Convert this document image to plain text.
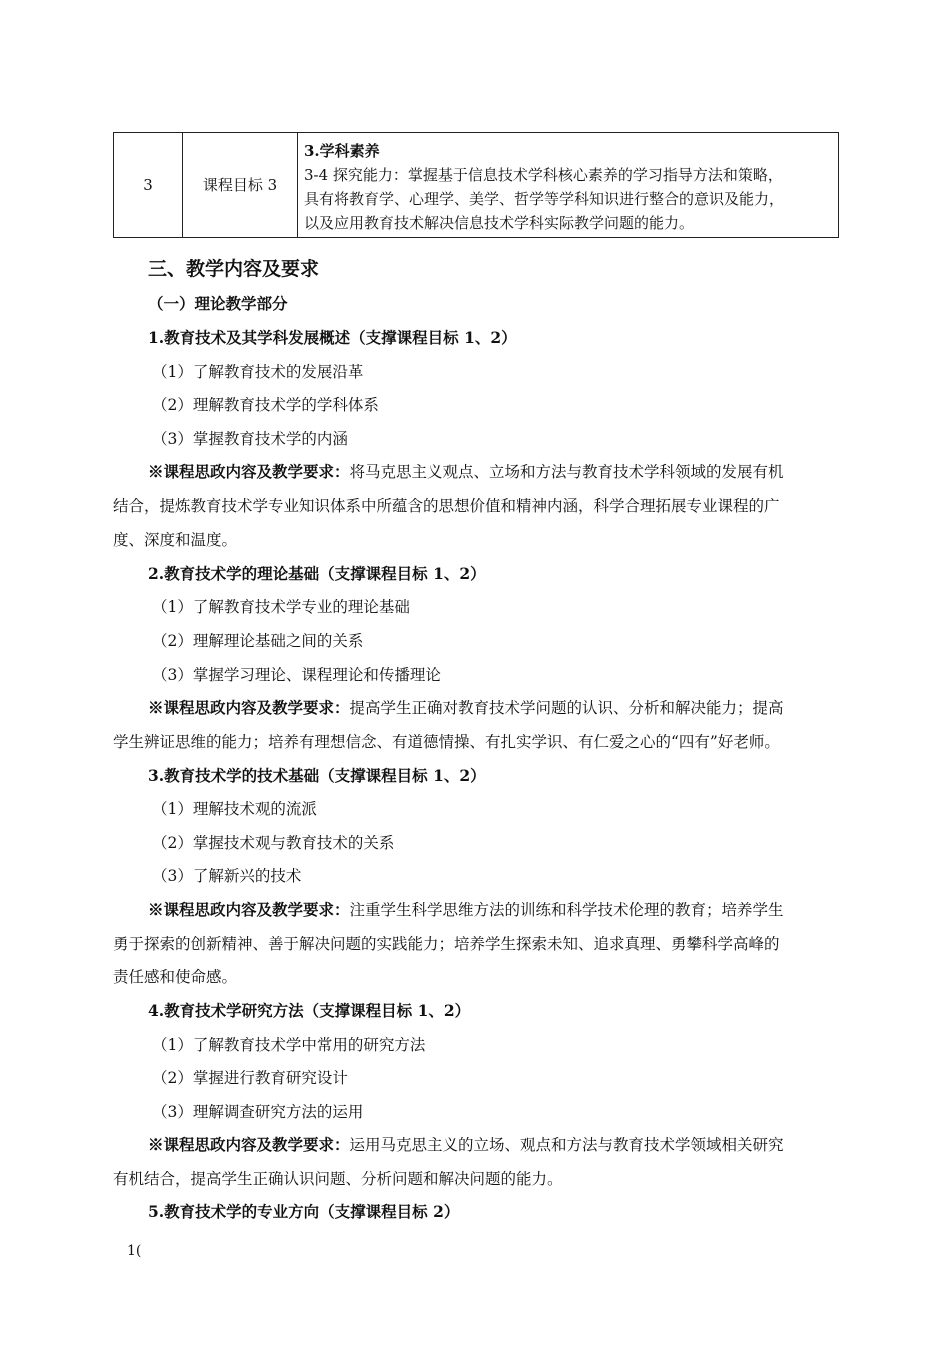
3	课程目标 3	
3.学科素养
3-4 探究能力：掌握基于信息技术学科核心素养的学习指导方法和策略，
具有将教育学、心理学、美学、哲学等学科知识进行整合的意识及能力，
以及应用教育技术解决信息技术学科实际教学问题的能力。
三、教学内容及要求
（一）理论教学部分
1.教育技术及其学科发展概述（支撑课程目标 1、2）
（1）了解教育技术的发展沿革
（2）理解教育技术学的学科体系
（3）掌握教育技术学的内涵
※课程思政内容及教学要求：将马克思主义观点、立场和方法与教育技术学科领域的发展有机
结合，提炼教育技术学专业知识体系中所蕴含的思想价值和精神内涵，科学合理拓展专业课程的广
度、深度和温度。
2.教育技术学的理论基础（支撑课程目标 1、2）
（1）了解教育技术学专业的理论基础
（2）理解理论基础之间的关系
（3）掌握学习理论、课程理论和传播理论
※课程思政内容及教学要求：提高学生正确对教育技术学问题的认识、分析和解决能力；提高
学生辨证思维的能力；培养有理想信念、有道德情操、有扎实学识、有仁爱之心的“四有”好老师。
3.教育技术学的技术基础（支撑课程目标 1、2）
（1）理解技术观的流派
（2）掌握技术观与教育技术的关系
（3）了解新兴的技术
※课程思政内容及教学要求：注重学生科学思维方法的训练和科学技术伦理的教育；培养学生
勇于探索的创新精神、善于解决问题的实践能力；培养学生探索未知、追求真理、勇攀科学高峰的
责任感和使命感。
4.教育技术学研究方法（支撑课程目标 1、2）
（1）了解教育技术学中常用的研究方法
（2）掌握进行教育研究设计
（3）理解调查研究方法的运用
※课程思政内容及教学要求：运用马克思主义的立场、观点和方法与教育技术学领域相关研究
有机结合，提高学生正确认识问题、分析问题和解决问题的能力。
5.教育技术学的专业方向（支撑课程目标 2）
1(
